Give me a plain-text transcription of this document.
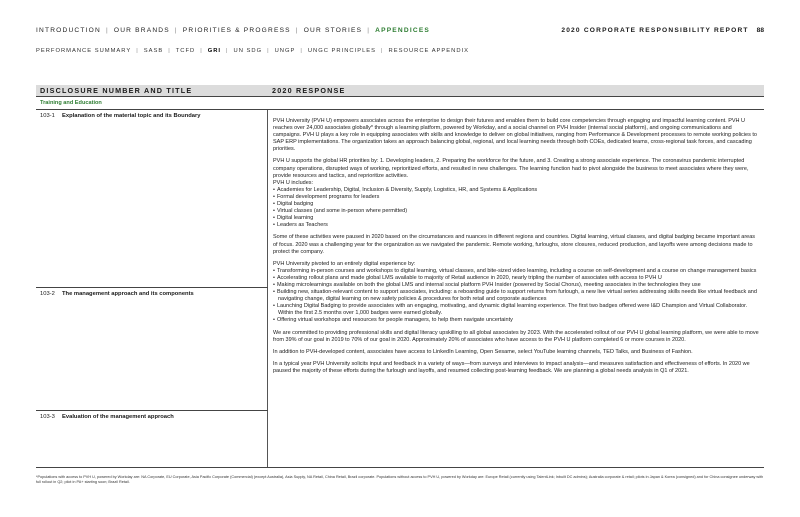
INTRODUCTION | OUR BRANDS | PRIORITIES & PROGRESS | OUR STORIES | APPENDICES	2020 CORPORATE RESPONSIBILITY REPORT 88
PERFORMANCE SUMMARY | SASB | TCFD | GRI | UN SDG | UNGP | UNGC PRINCIPLES | RESOURCE APPENDIX
DISCLOSURE NUMBER AND TITLE	2020 RESPONSE
Training and Education
103-1	Explanation of the material topic and its Boundary
103-2	The management approach and its components
103-3	Evaluation of the management approach

PVH University (PVH U) empowers associates across the enterprise to design their futures and enables them to build core competencies through engaging and impactful learning content. PVH U reaches over 24,000 associates globally* through a learning platform, powered by Workday, and a social channel on PVH Insider (internal social platform), and ongoing communications and campaigns. PVH U plays a key role in equipping associates with skills and knowledge to deliver on global initiatives, ranging from Performance & Development processes to remote working policies to SAP ERP implementations. The organization takes an approach balancing global, regional, and local learning needs through both COEs, dedicated teams, cross-regional task forces, and cascading priorities.

PVH U supports the global HR priorities by: 1. Developing leaders, 2. Preparing the workforce for the future, and 3. Creating a strong associate experience. The coronavirus pandemic interrupted company operations, disrupted ways of working, reprioritized efforts, and resulted in new challenges. The learning function had to pivot alongside the business to meet associates where they were, provide resources and tactics, and reprioritize activities.

PVH U includes:
• Academies for Leadership, Digital, Inclusion & Diversity, Supply, Logistics, HR, and Systems & Applications
• Formal development programs for leaders
• Digital badging
• Virtual classes (and some in-person where permitted)
• Digital learning
• Leaders as Teachers

Some of these activities were paused in 2020 based on the circumstances and nuances in different regions and countries. Digital learning, virtual classes, and digital badging became important areas of focus. 2020 was a challenging year for the organization as we navigated the pandemic. Remote working, furloughs, store closures, reduced production, and layoffs were among decisions made to protect the company.

PVH University pivoted to an entirely digital experience by:
• Transforming in-person courses and workshops to digital learning, virtual classes, and bite-sized video learning, including a course on self-development and a course on change management basics
• Accelerating rollout plans and made global LMS available to majority of Retail audience in 2020, nearly tripling the number of associates with access to PVH U
• Making microlearnings available on both the global LMS and internal social platform PVH Insider (powered by Social Chorus), meeting associates in the technologies they use
• Building new, situation-relevant content to support associates, including: a reboarding guide to support returns from furlough, a new live virtual series addressing skills needs like virtual feedback and navigating change, digital learning on new safety policies & procedures for both retail and corporate audiences
• Launching Digital Badging to provide associates with an engaging, motivating, and dynamic digital learning experience. The first two badges offered were I&D Champion and Virtual Collaborator. Within the first 2.5 months over 1,000 badges were earned globally.
• Offering virtual workshops and resources for people managers, to help them navigate uncertainty

We are committed to providing professional skills and digital literacy upskilling to all global associates by 2023. With the accelerated rollout of our PVH U global learning platform, we were able to move from 39% of our goal in 2019 to 70% of our goal in 2020. Approximately 20% of associates who have access to the PVH U platform completed 6 or more courses in 2020.

In addition to PVH-developed content, associates have access to LinkedIn Learning, Open Sesame, select YouTube learning channels, TED Talks, and Business of Fashion.

In a typical year PVH University solicits input and feedback in a variety of ways—from surveys and interviews to impact analysis—and measures satisfaction and effectiveness of efforts. In 2020 we paused the majority of these efforts during the furlough and layoffs, and resumed collecting post-learning feedback. We are planning a global needs analysis in Q1 of 2021.

*Populations with access to PVH U, powered by Workday are: NA Corporate, EU Corporate, Asia Pacific Corporate (Commercial) (except Australia), Asia Supply, NA Retail, China Retail, Brazil corporate. Populations without access to PVH U, powered by Workday are: Europe Retail (currently using TalentLink; Inbuilt DC admins); Australia corporate & retail; pilots in Japan & Korea (consigned) and for China consignee underway with full rollout in Q2; pilot in PA+ starting soon; Brazil Retail.
